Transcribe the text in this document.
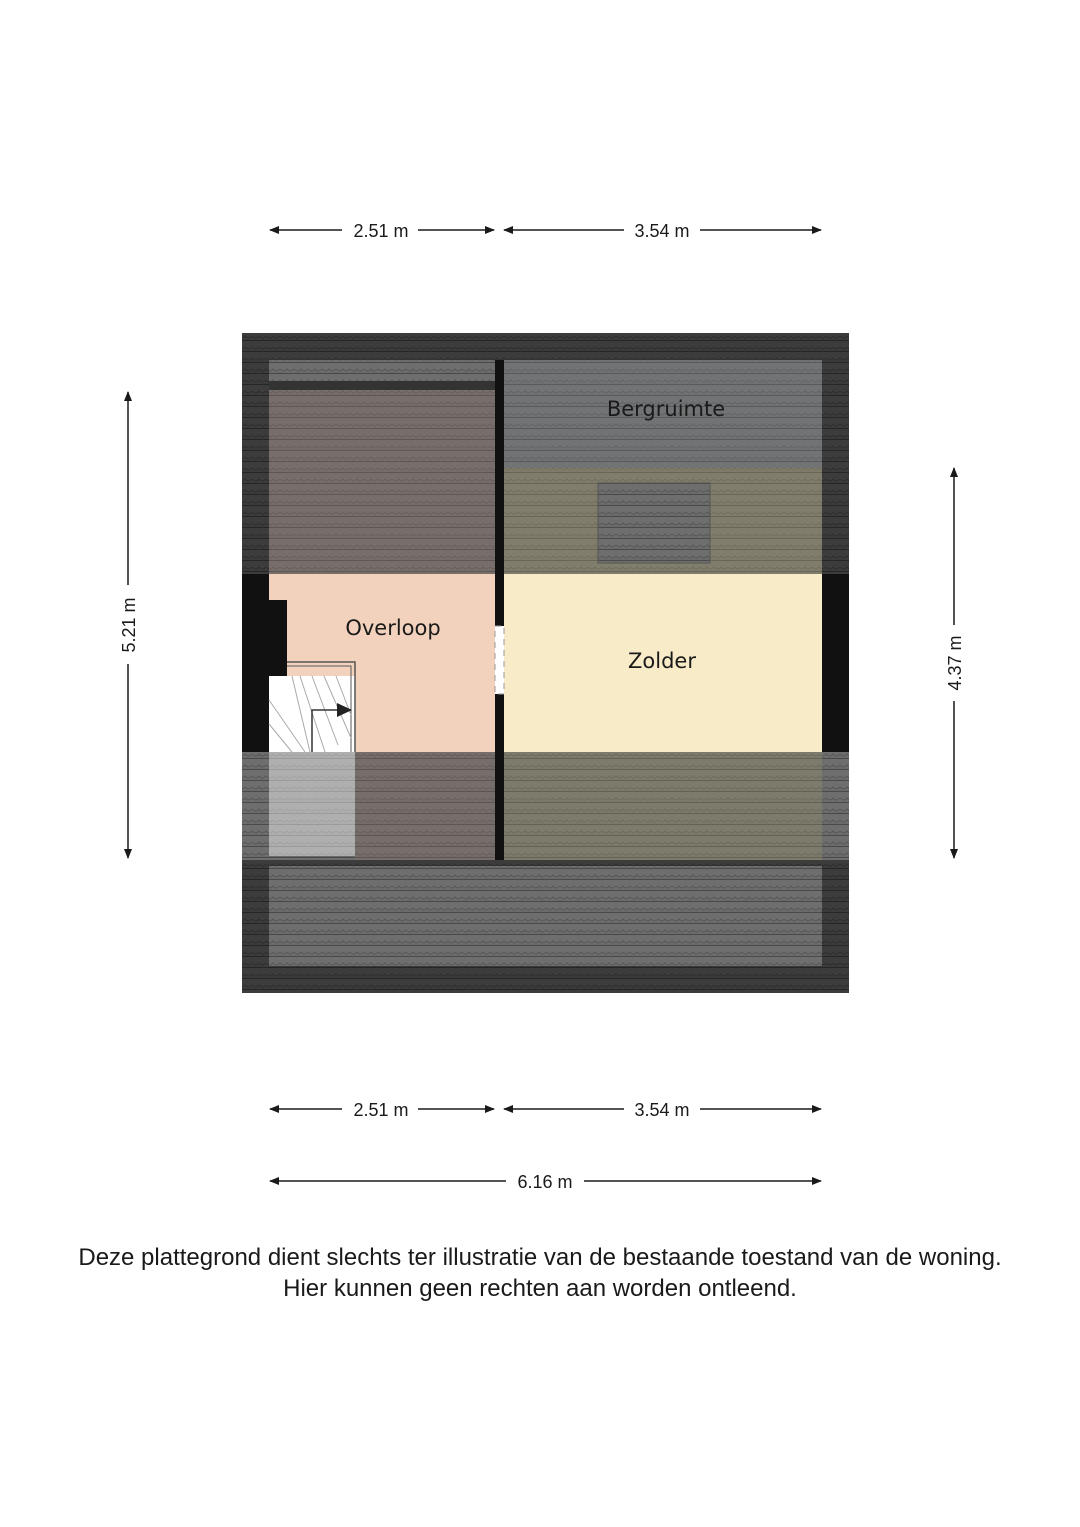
Bergruimte
Overloop
Zolder
2.51 m	3.54 m
5.21 m
4.37 m
2.51 m	3.54 m
6.16 m
Deze plattegrond dient slechts ter illustratie van de bestaande toestand van de woning.
Hier kunnen geen rechten aan worden ontleend.
